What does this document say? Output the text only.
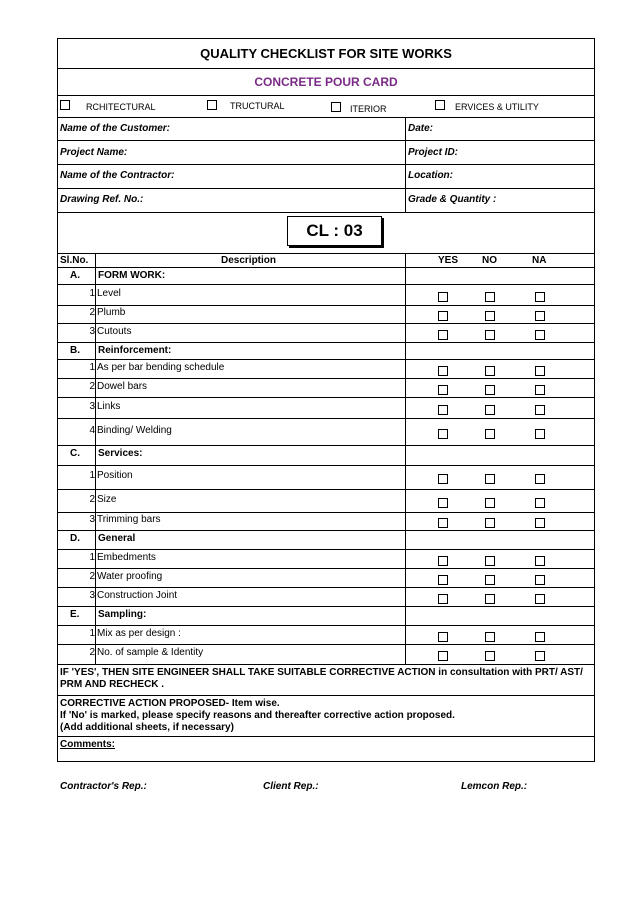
QUALITY CHECKLIST FOR SITE WORKS
CONCRETE POUR CARD
RCHITECTURAL	TRUCTURAL	ITERIOR	ERVICES & UTILITY
Name of the Customer:	Date:
Project Name:	Project ID:
Name of the Contractor:	Location:
Drawing Ref. No.:	Grade & Quantity :
CL : 03
Sl.No.	Description	YES NO	NA
A. FORM WORK:
1 Level
2 Plumb
3 Cutouts
B. Reinforcement:
1 As per bar bending schedule
2 Dowel bars
3 Links
4 Binding/ Welding
C. Services:
1 Position
2 Size
3 Trimming bars
D. General
1 Embedments
2 Water proofing
3 Construction Joint
E. Sampling:
1 Mix as per design :
2 No. of sample & Identity
IF 'YES', THEN SITE ENGINEER SHALL TAKE SUITABLE CORRECTIVE ACTION in consultation with PRT/ AST/ PRM AND RECHECK .
CORRECTIVE ACTION PROPOSED- Item wise.
If 'No' is marked, please specify reasons and thereafter corrective action proposed.
(Add additional sheets, if necessary)
Comments:
Contractor's Rep.:	Client Rep.:	Lemcon Rep.:
